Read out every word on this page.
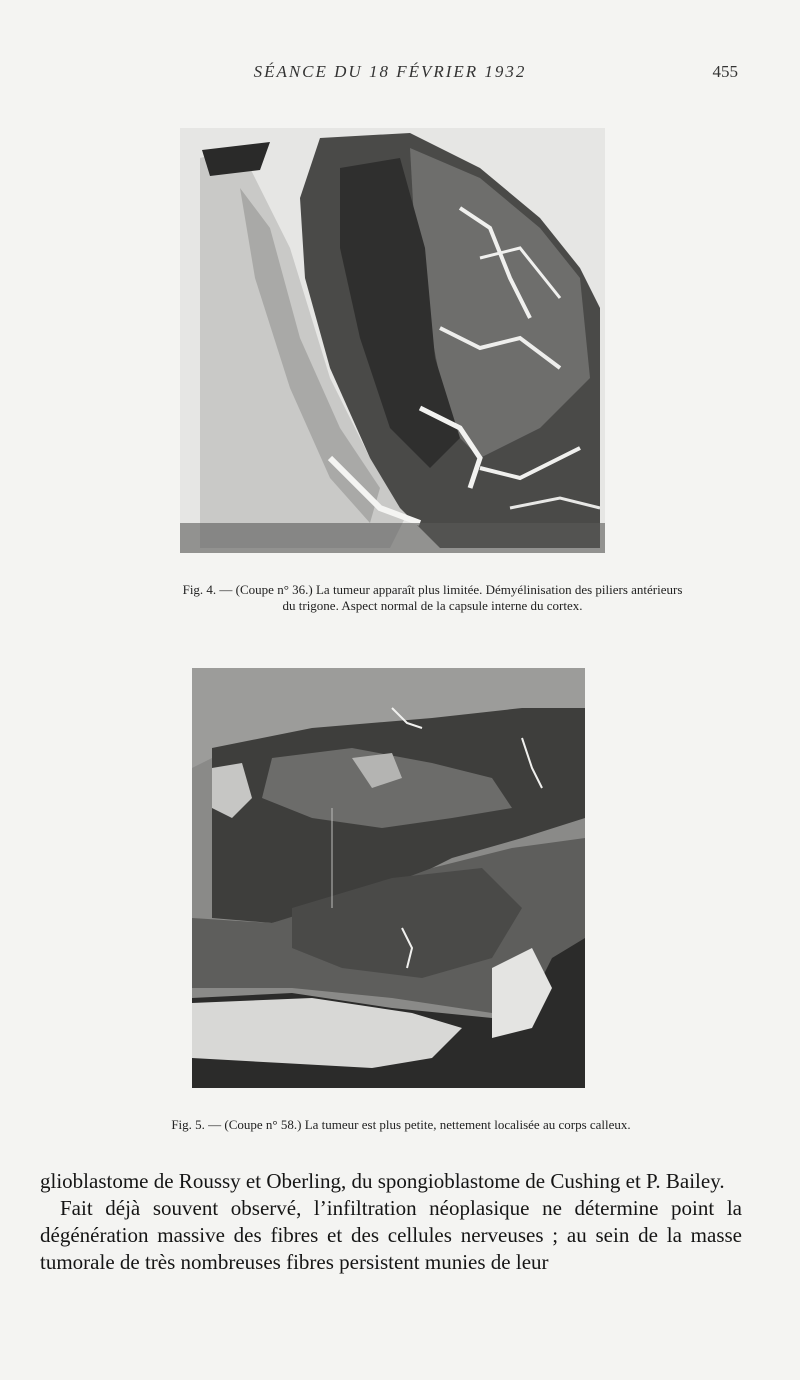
SÉANCE DU 18 FÉVRIER 1932	455
Fig. 4. — (Coupe n° 36.) La tumeur apparaît plus limitée. Démyélinisation des piliers antérieurs
du trigone. Aspect normal de la capsule interne du cortex.
Fig. 5. — (Coupe n° 58.) La tumeur est plus petite, nettement localisée au corps calleux.

glioblastome de Roussy et Oberling, du spongioblastome de Cushing et P. Bailey.

Fait déjà souvent observé, l’infiltration néoplasique ne détermine point la dégénération massive des fibres et des cellules nerveuses ; au sein de la masse tumorale de très nombreuses fibres persistent munies de leur
